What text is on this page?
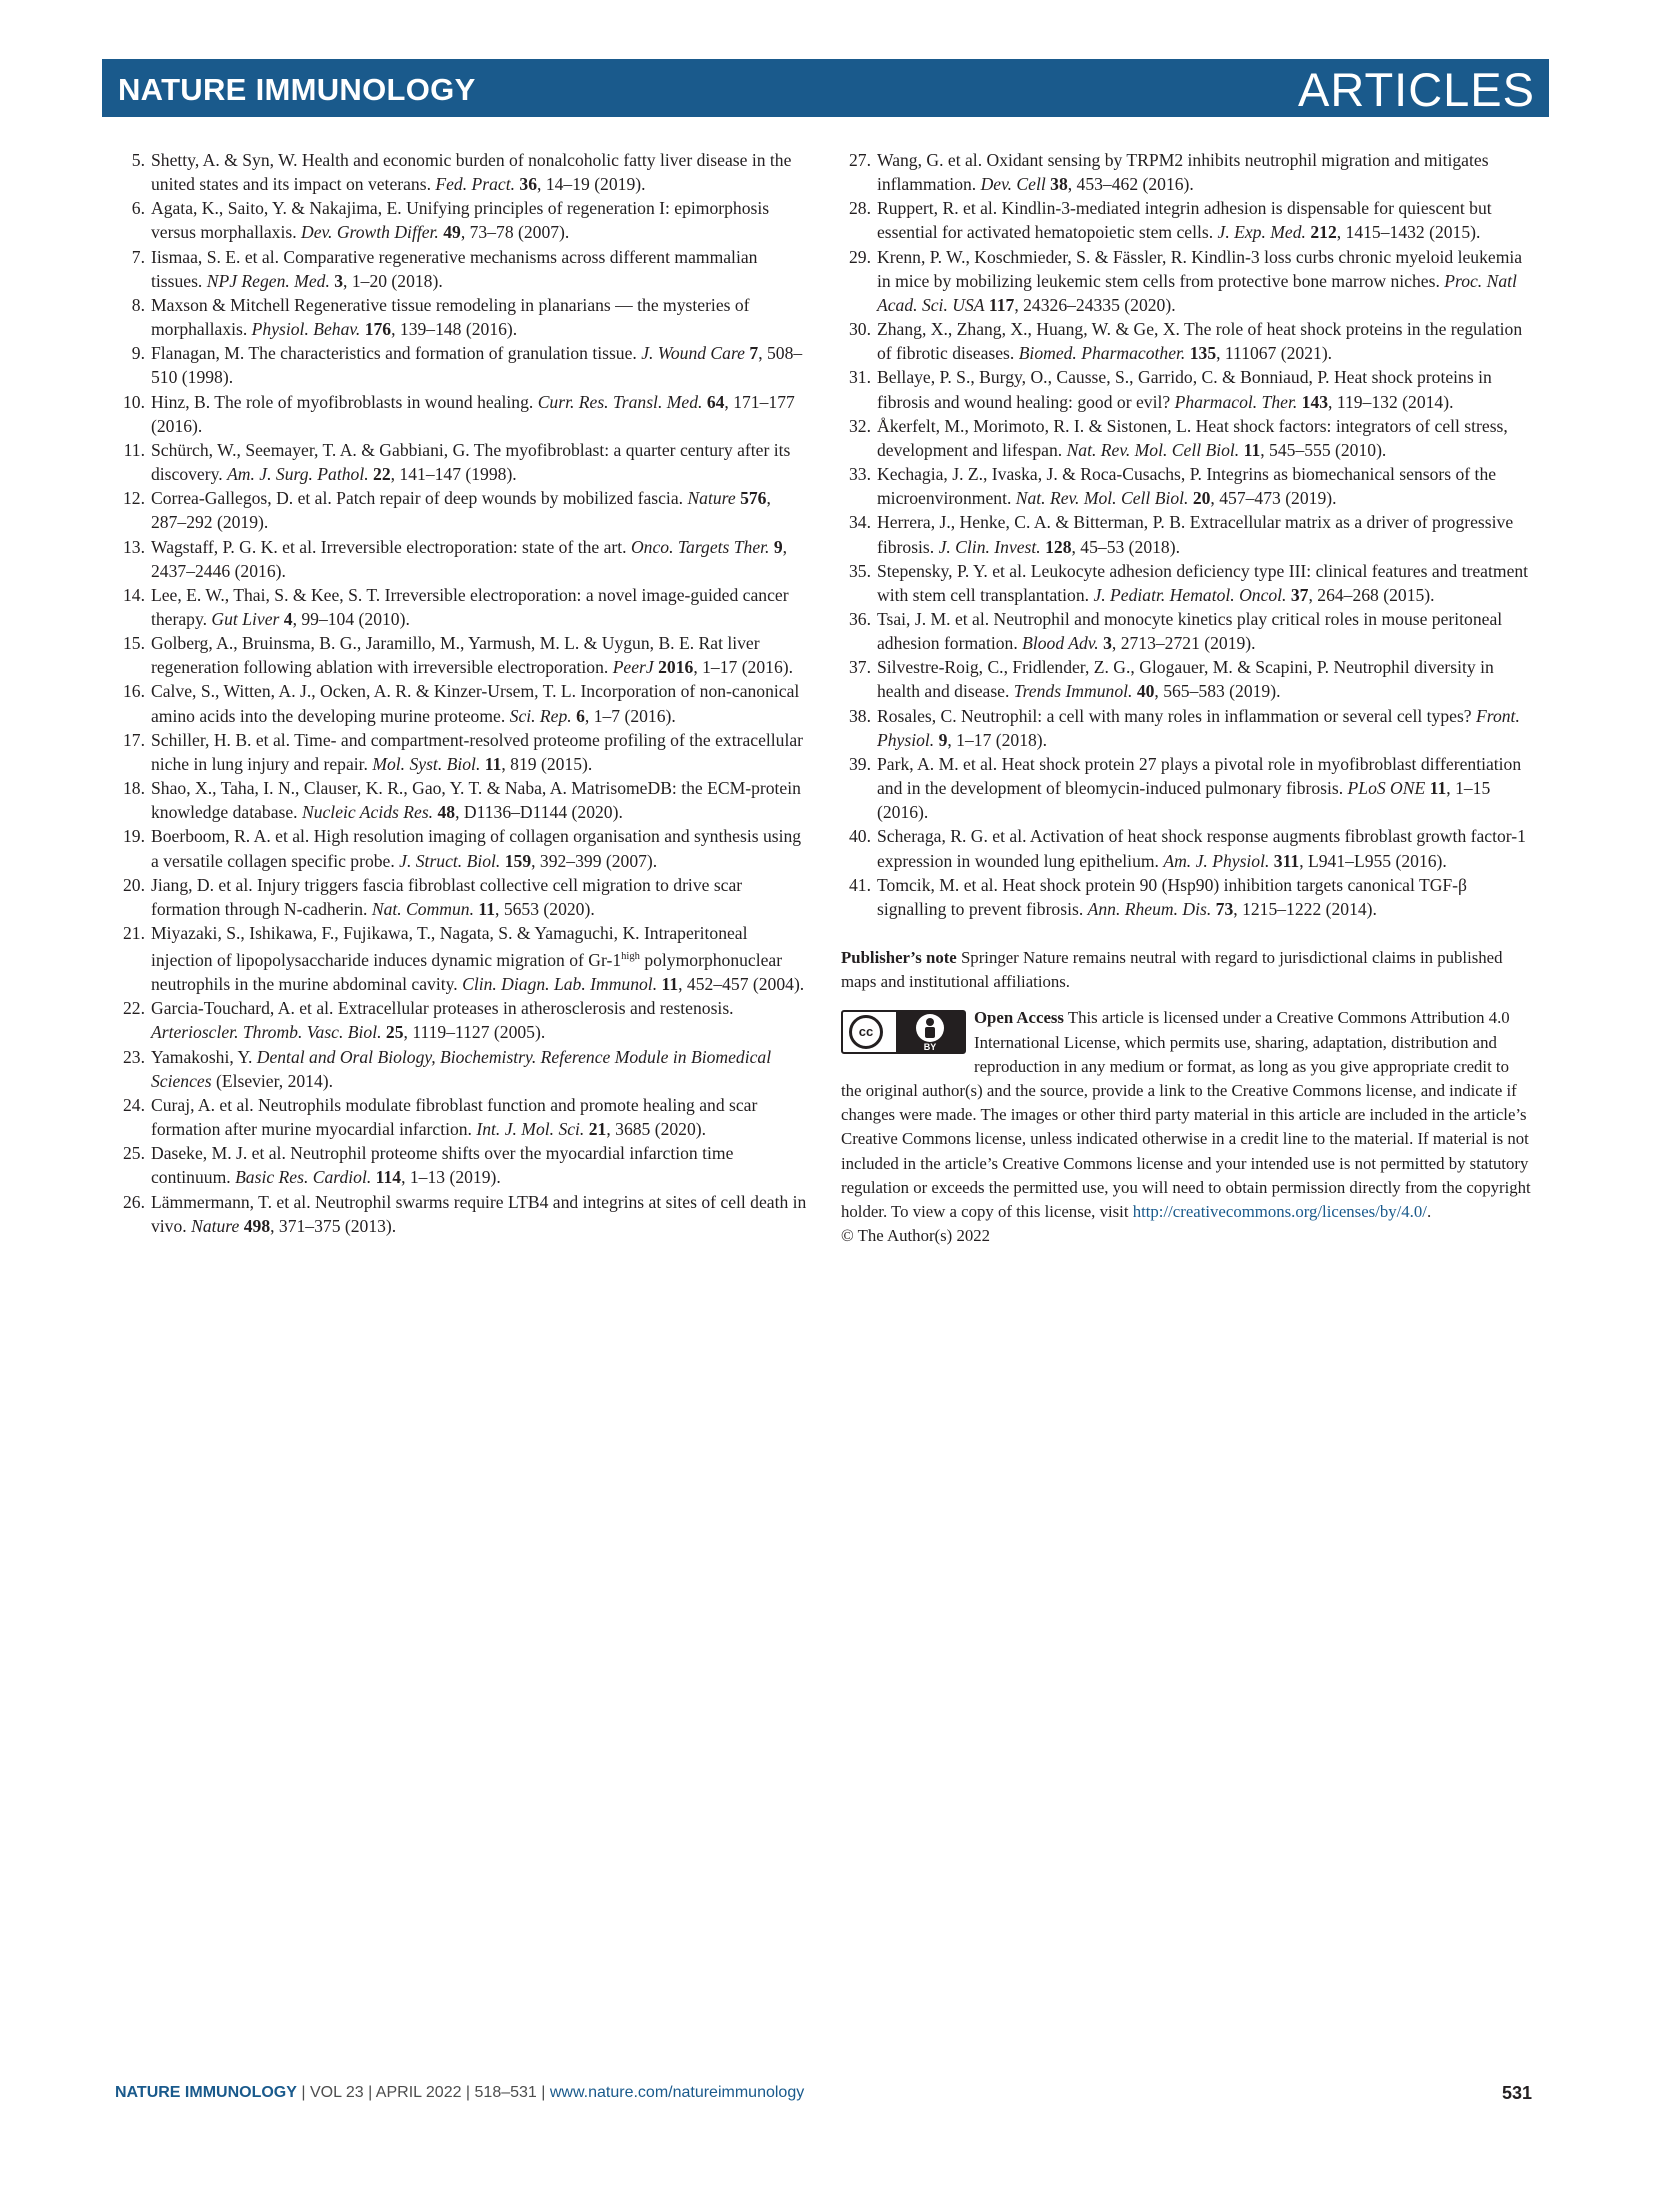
NATURE IMMUNOLOGY	ARTICLES
5. Shetty, A. & Syn, W. Health and economic burden of nonalcoholic fatty liver disease in the united states and its impact on veterans. Fed. Pract. 36, 14–19 (2019).
6. Agata, K., Saito, Y. & Nakajima, E. Unifying principles of regeneration I: epimorphosis versus morphallaxis. Dev. Growth Differ. 49, 73–78 (2007).
7. Iismaa, S. E. et al. Comparative regenerative mechanisms across different mammalian tissues. NPJ Regen. Med. 3, 1–20 (2018).
8. Maxson & Mitchell Regenerative tissue remodeling in planarians — the mysteries of morphallaxis. Physiol. Behav. 176, 139–148 (2016).
9. Flanagan, M. The characteristics and formation of granulation tissue. J. Wound Care 7, 508–510 (1998).
10. Hinz, B. The role of myofibroblasts in wound healing. Curr. Res. Transl. Med. 64, 171–177 (2016).
11. Schürch, W., Seemayer, T. A. & Gabbiani, G. The myofibroblast: a quarter century after its discovery. Am. J. Surg. Pathol. 22, 141–147 (1998).
12. Correa-Gallegos, D. et al. Patch repair of deep wounds by mobilized fascia. Nature 576, 287–292 (2019).
13. Wagstaff, P. G. K. et al. Irreversible electroporation: state of the art. Onco. Targets Ther. 9, 2437–2446 (2016).
14. Lee, E. W., Thai, S. & Kee, S. T. Irreversible electroporation: a novel image-guided cancer therapy. Gut Liver 4, 99–104 (2010).
15. Golberg, A., Bruinsma, B. G., Jaramillo, M., Yarmush, M. L. & Uygun, B. E. Rat liver regeneration following ablation with irreversible electroporation. PeerJ 2016, 1–17 (2016).
16. Calve, S., Witten, A. J., Ocken, A. R. & Kinzer-Ursem, T. L. Incorporation of non-canonical amino acids into the developing murine proteome. Sci. Rep. 6, 1–7 (2016).
17. Schiller, H. B. et al. Time- and compartment-resolved proteome profiling of the extracellular niche in lung injury and repair. Mol. Syst. Biol. 11, 819 (2015).
18. Shao, X., Taha, I. N., Clauser, K. R., Gao, Y. T. & Naba, A. MatrisomeDB: the ECM-protein knowledge database. Nucleic Acids Res. 48, D1136–D1144 (2020).
19. Boerboom, R. A. et al. High resolution imaging of collagen organisation and synthesis using a versatile collagen specific probe. J. Struct. Biol. 159, 392–399 (2007).
20. Jiang, D. et al. Injury triggers fascia fibroblast collective cell migration to drive scar formation through N-cadherin. Nat. Commun. 11, 5653 (2020).
21. Miyazaki, S., Ishikawa, F., Fujikawa, T., Nagata, S. & Yamaguchi, K. Intraperitoneal injection of lipopolysaccharide induces dynamic migration of $Gr-1^{high}$ polymorphonuclear neutrophils in the murine abdominal cavity. Clin. Diagn. Lab. Immunol. 11, 452–457 (2004).
22. Garcia-Touchard, A. et al. Extracellular proteases in atherosclerosis and restenosis. Arterioscler. Thromb. Vasc. Biol. 25, 1119–1127 (2005).
23. Yamakoshi, Y. Dental and Oral Biology, Biochemistry. Reference Module in Biomedical Sciences (Elsevier, 2014).
24. Curaj, A. et al. Neutrophils modulate fibroblast function and promote healing and scar formation after murine myocardial infarction. Int. J. Mol. Sci. 21, 3685 (2020).
25. Daseke, M. J. et al. Neutrophil proteome shifts over the myocardial infarction time continuum. Basic Res. Cardiol. 114, 1–13 (2019).
26. Lämmermann, T. et al. Neutrophil swarms require LTB4 and integrins at sites of cell death in vivo. Nature 498, 371–375 (2013).
27. Wang, G. et al. Oxidant sensing by TRPM2 inhibits neutrophil migration and mitigates inflammation. Dev. Cell 38, 453–462 (2016).
28. Ruppert, R. et al. Kindlin-3-mediated integrin adhesion is dispensable for quiescent but essential for activated hematopoietic stem cells. J. Exp. Med. 212, 1415–1432 (2015).
29. Krenn, P. W., Koschmieder, S. & Fässler, R. Kindlin-3 loss curbs chronic myeloid leukemia in mice by mobilizing leukemic stem cells from protective bone marrow niches. Proc. Natl Acad. Sci. USA 117, 24326–24335 (2020).
30. Zhang, X., Zhang, X., Huang, W. & Ge, X. The role of heat shock proteins in the regulation of fibrotic diseases. Biomed. Pharmacother. 135, 111067 (2021).
31. Bellaye, P. S., Burgy, O., Causse, S., Garrido, C. & Bonniaud, P. Heat shock proteins in fibrosis and wound healing: good or evil? Pharmacol. Ther. 143, 119–132 (2014).
32. Åkerfelt, M., Morimoto, R. I. & Sistonen, L. Heat shock factors: integrators of cell stress, development and lifespan. Nat. Rev. Mol. Cell Biol. 11, 545–555 (2010).
33. Kechagia, J. Z., Ivaska, J. & Roca-Cusachs, P. Integrins as biomechanical sensors of the microenvironment. Nat. Rev. Mol. Cell Biol. 20, 457–473 (2019).
34. Herrera, J., Henke, C. A. & Bitterman, P. B. Extracellular matrix as a driver of progressive fibrosis. J. Clin. Invest. 128, 45–53 (2018).
35. Stepensky, P. Y. et al. Leukocyte adhesion deficiency type III: clinical features and treatment with stem cell transplantation. J. Pediatr. Hematol. Oncol. 37, 264–268 (2015).
36. Tsai, J. M. et al. Neutrophil and monocyte kinetics play critical roles in mouse peritoneal adhesion formation. Blood Adv. 3, 2713–2721 (2019).
37. Silvestre-Roig, C., Fridlender, Z. G., Glogauer, M. & Scapini, P. Neutrophil diversity in health and disease. Trends Immunol. 40, 565–583 (2019).
38. Rosales, C. Neutrophil: a cell with many roles in inflammation or several cell types? Front. Physiol. 9, 1–17 (2018).
39. Park, A. M. et al. Heat shock protein 27 plays a pivotal role in myofibroblast differentiation and in the development of bleomycin-induced pulmonary fibrosis. PLoS ONE 11, 1–15 (2016).
40. Scheraga, R. G. et al. Activation of heat shock response augments fibroblast growth factor-1 expression in wounded lung epithelium. Am. J. Physiol. 311, L941–L955 (2016).
41. Tomcik, M. et al. Heat shock protein 90 (Hsp90) inhibition targets canonical TGF-β signalling to prevent fibrosis. Ann. Rheum. Dis. 73, 1215–1222 (2014).
Publisher’s note Springer Nature remains neutral with regard to jurisdictional claims in published maps and institutional affiliations.
cc
BY
Open Access This article is licensed under a Creative Commons Attribution 4.0 International License, which permits use, sharing, adaptation, distribution and reproduction in any medium or format, as long as you give appropriate credit to the original author(s) and the source, provide a link to the Creative Commons license, and indicate if changes were made. The images or other third party material in this article are included in the article’s Creative Commons license, unless indicated otherwise in a credit line to the material. If material is not included in the article’s Creative Commons license and your intended use is not permitted by statutory regulation or exceeds the permitted use, you will need to obtain permission directly from the copyright holder. To view a copy of this license, visit http://creativecommons.org/licenses/by/4.0/.
© The Author(s) 2022
NATURE IMMUNOLOGY | VOL 23 | APRIL 2022 | 518–531 | www.nature.com/natureimmunology	531
